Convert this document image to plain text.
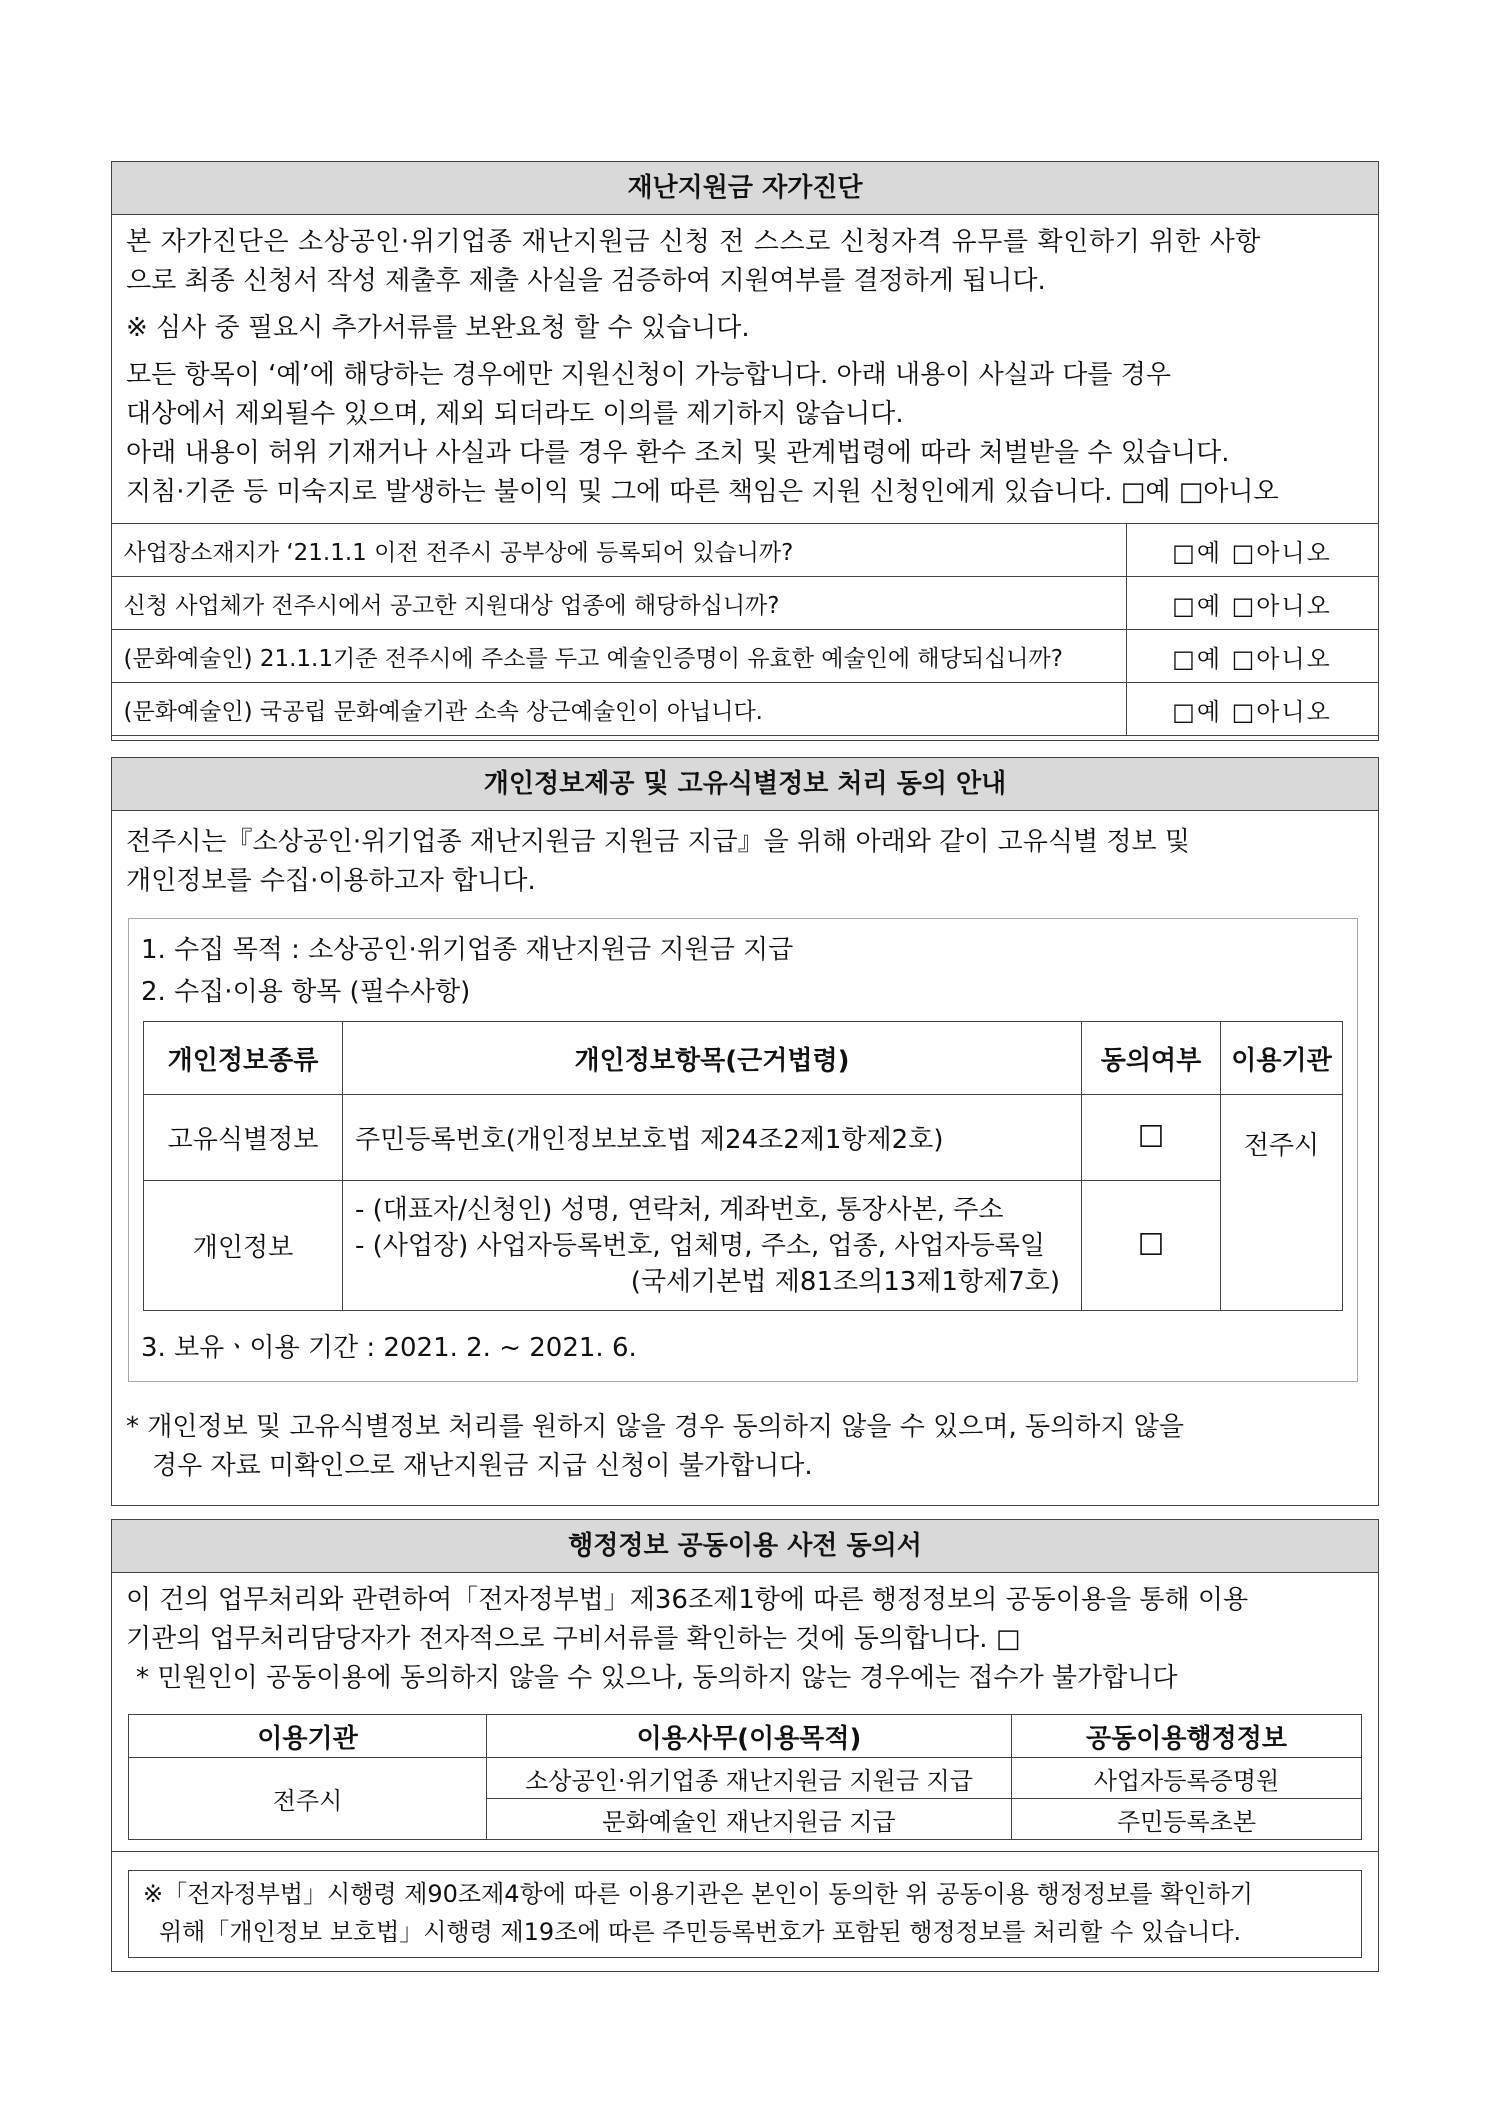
재난지원금 자가진단
본 자가진단은 소상공인·위기업종 재난지원금 신청 전 스스로 신청자격 유무를 확인하기 위한 사항
으로 최종 신청서 작성 제출후 제출 사실을 검증하여 지원여부를 결정하게 됩니다.
※ 심사 중 필요시 추가서류를 보완요청 할 수 있습니다.
모든 항목이 ‘예’에 해당하는 경우에만 지원신청이 가능합니다. 아래 내용이 사실과 다를 경우
대상에서 제외될수 있으며, 제외 되더라도 이의를 제기하지 않습니다.
아래 내용이 허위 기재거나 사실과 다를 경우 환수 조치 및 관계법령에 따라 처벌받을 수 있습니다.
지침·기준 등 미숙지로 발생하는 불이익 및 그에 따른 책임은 지원 신청인에게 있습니다. □예 □아니오
사업장소재지가 ‘21.1.1 이전 전주시 공부상에 등록되어 있습니까?	□예 □아니오
신청 사업체가 전주시에서 공고한 지원대상 업종에 해당하십니까?	□예 □아니오
(문화예술인) 21.1.1기준 전주시에 주소를 두고 예술인증명이 유효한 예술인에 해당되십니까?	□예 □아니오
(문화예술인) 국공립 문화예술기관 소속 상근예술인이 아닙니다.	□예 □아니오
개인정보제공 및 고유식별정보 처리 동의 안내

전주시는『소상공인·위기업종 재난지원금 지원금 지급』을 위해 아래와 같이 고유식별 정보 및

개인정보를 수집·이용하고자 합니다.

1. 수집 목적 : 소상공인·위기업종 재난지원금 지원금 지급
2. 수집·이용 항목 (필수사항)
개인정보종류	개인정보항목(근거법령)	동의여부	이용기관
고유식별정보	주민등록번호(개인정보보호법 제24조2제1항제2호)	☐	전주시
개인정보	- (대표자/신청인) 성명, 연락처, 계좌번호, 통장사본, 주소
- (사업장) 사업자등록번호, 업체명, 주소, 업종, 사업자등록일
(국세기본법 제81조의13제1항제7호)	☐	
3. 보유ㆍ이용 기간 : 2021. 2. ~ 2021. 6.
* 개인정보 및 고유식별정보 처리를 원하지 않을 경우 동의하지 않을 수 있으며, 동의하지 않을
경우 자료 미확인으로 재난지원금 지급 신청이 불가합니다.
행정정보 공동이용 사전 동의서

이 건의 업무처리와 관련하여「전자정부법」제36조제1항에 따른 행정정보의 공동이용을 통해 이용

기관의 업무처리담당자가 전자적으로 구비서류를 확인하는 것에 동의합니다. □

* 민원인이 공동이용에 동의하지 않을 수 있으나, 동의하지 않는 경우에는 접수가 불가합니다

이용기관	이용사무(이용목적)	공동이용행정정보
전주시	소상공인·위기업종 재난지원금 지원금 지급	사업자등록증명원
	문화예술인 재난지원금 지급	주민등록초본
※「전자정부법」시행령 제90조제4항에 따른 이용기관은 본인이 동의한 위 공동이용 행정정보를 확인하기
위해「개인정보 보호법」시행령 제19조에 따른 주민등록번호가 포함된 행정정보를 처리할 수 있습니다.
